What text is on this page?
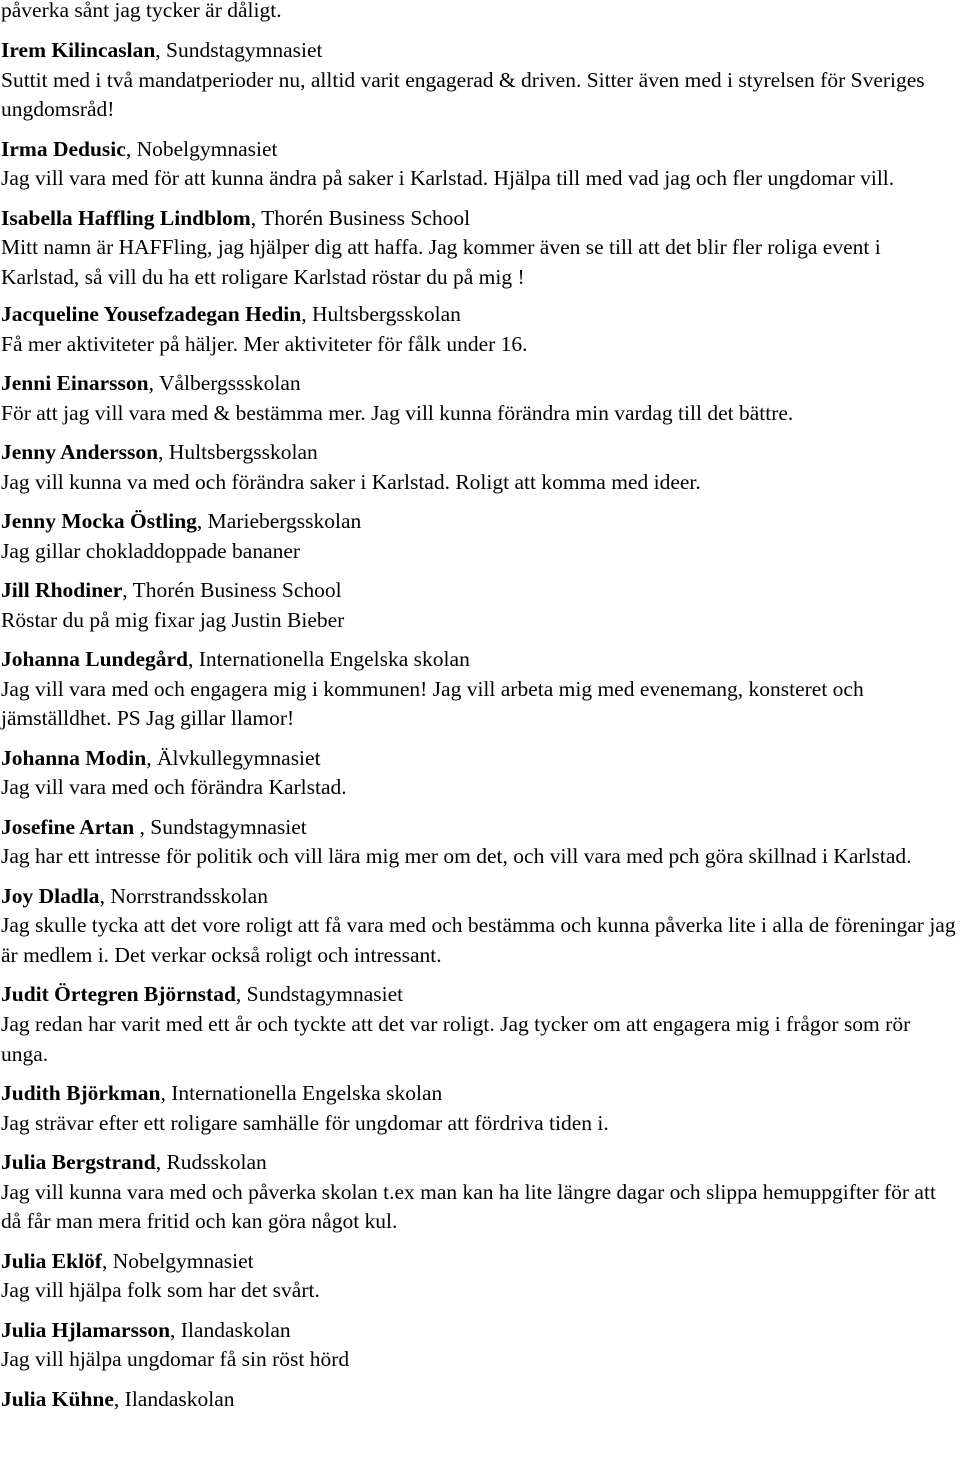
påverka sånt jag tycker är dåligt.

Irem Kilincaslan, Sundstagymnasiet

Suttit med i två mandatperioder nu, alltid varit engagerad & driven. Sitter även med i styrelsen för Sveriges ungdomsråd!

Irma Dedusic, Nobelgymnasiet

Jag vill vara med för att kunna ändra på saker i Karlstad. Hjälpa till med vad jag och fler ungdomar vill.

Isabella Haffling Lindblom, Thorén Business School

Mitt namn är HAFFling, jag hjälper dig att haffa. Jag kommer även se till att det blir fler roliga event i Karlstad, så vill du ha ett roligare Karlstad röstar du på mig !

Jacqueline Yousefzadegan Hedin, Hultsbergsskolan

Få mer aktiviteter på häljer. Mer aktiviteter för fålk under 16.

Jenni Einarsson, Vålbergssskolan

För att jag vill vara med & bestämma mer. Jag vill kunna förändra min vardag till det bättre.

Jenny Andersson, Hultsbergsskolan

Jag vill kunna va med och förändra saker i Karlstad. Roligt att komma med ideer.

Jenny Mocka Östling, Mariebergsskolan

Jag gillar chokladdoppade bananer

Jill Rhodiner, Thorén Business School

Röstar du på mig fixar jag Justin Bieber

Johanna Lundegård, Internationella Engelska skolan

Jag vill vara med och engagera mig i kommunen! Jag vill arbeta mig med evenemang, konsteret och jämställdhet. PS Jag gillar llamor!

Johanna Modin, Älvkullegymnasiet

Jag vill vara med och förändra Karlstad.

Josefine Artan , Sundstagymnasiet

Jag har ett intresse för politik och vill lära mig mer om det, och vill vara med pch göra skillnad i Karlstad.

Joy Dladla, Norrstrandsskolan

Jag skulle tycka att det vore roligt att få vara med och bestämma och kunna påverka lite i alla de föreningar jag är medlem i. Det verkar också roligt och intressant.

Judit Örtegren Björnstad, Sundstagymnasiet

Jag redan har varit med ett år och tyckte att det var roligt. Jag tycker om att engagera mig i frågor som rör unga.

Judith Björkman, Internationella Engelska skolan

Jag strävar efter ett roligare samhälle för ungdomar att fördriva tiden i.

Julia Bergstrand, Rudsskolan

Jag vill kunna vara med och påverka skolan t.ex man kan ha lite längre dagar och slippa hemuppgifter för att då får man mera fritid och kan göra något kul.

Julia Eklöf, Nobelgymnasiet

Jag vill hjälpa folk som har det svårt.

Julia Hjlamarsson, Ilandaskolan

Jag vill hjälpa ungdomar få sin röst hörd

Julia Kühne, Ilandaskolan
